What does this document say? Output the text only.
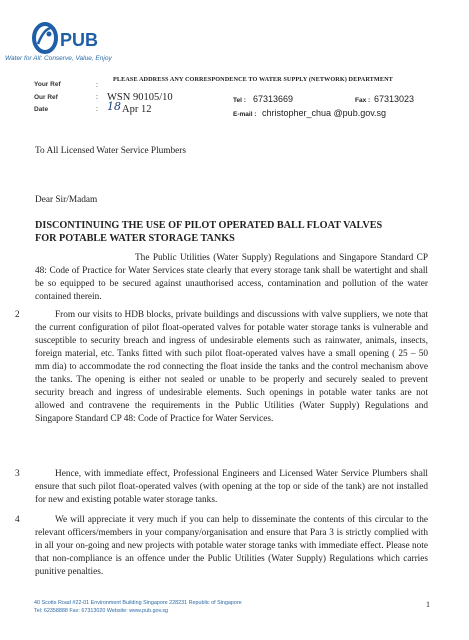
PUB
Water for All: Conserve, Value, Enjoy
PLEASE ADDRESS ANY CORRESPONDENCE TO WATER SUPPLY (NETWORK) DEPARTMENT
Your Ref	:
Our Ref	: WSN 90105/10
Date	: 18 Apr 12
Tel : 67313669	Fax : 67313023
E-mail : christopher_chua @pub.gov.sg
To All Licensed Water Service Plumbers
Dear Sir/Madam
DISCONTINUING THE USE OF PILOT OPERATED BALL FLOAT VALVES
FOR POTABLE WATER STORAGE TANKS
The Public Utilities (Water Supply) Regulations and Singapore Standard CP 48: Code of Practice for Water Services state clearly that every storage tank shall be watertight and shall be so equipped to be secured against unauthorised access, contamination and pollution of the water contained therein.
2	From our visits to HDB blocks, private buildings and discussions with valve suppliers, we note that the current configuration of pilot float-operated valves for potable water storage tanks is vulnerable and susceptible to security breach and ingress of undesirable elements such as rainwater, animals, insects, foreign material, etc. Tanks fitted with such pilot float-operated valves have a small opening ( 25 – 50 mm dia) to accommodate the rod connecting the float inside the tanks and the control mechanism above the tanks. The opening is either not sealed or unable to be properly and securely sealed to prevent security breach and ingress of undesirable elements. Such openings in potable water tanks are not allowed and contravene the requirements in the Public Utilities (Water Supply) Regulations and Singapore Standard CP 48: Code of Practice for Water Services.
3	Hence, with immediate effect, Professional Engineers and Licensed Water Service Plumbers shall ensure that such pilot float-operated valves (with opening at the top or side of the tank) are not installed for new and existing potable water storage tanks.
4	We will appreciate it very much if you can help to disseminate the contents of this circular to the relevant officers/members in your company/organisation and ensure that Para 3 is strictly complied with in all your on-going and new projects with potable water storage tanks with immediate effect. Please note that non-compliance is an offence under the Public Utilities (Water Supply) Regulations which carries punitive penalties.
40 Scotts Road #22-01 Environment Building Singapore 228231 Republic of Singapore
Tel: 62358888 Fax: 67313020 Website: www.pub.gov.sg
1
